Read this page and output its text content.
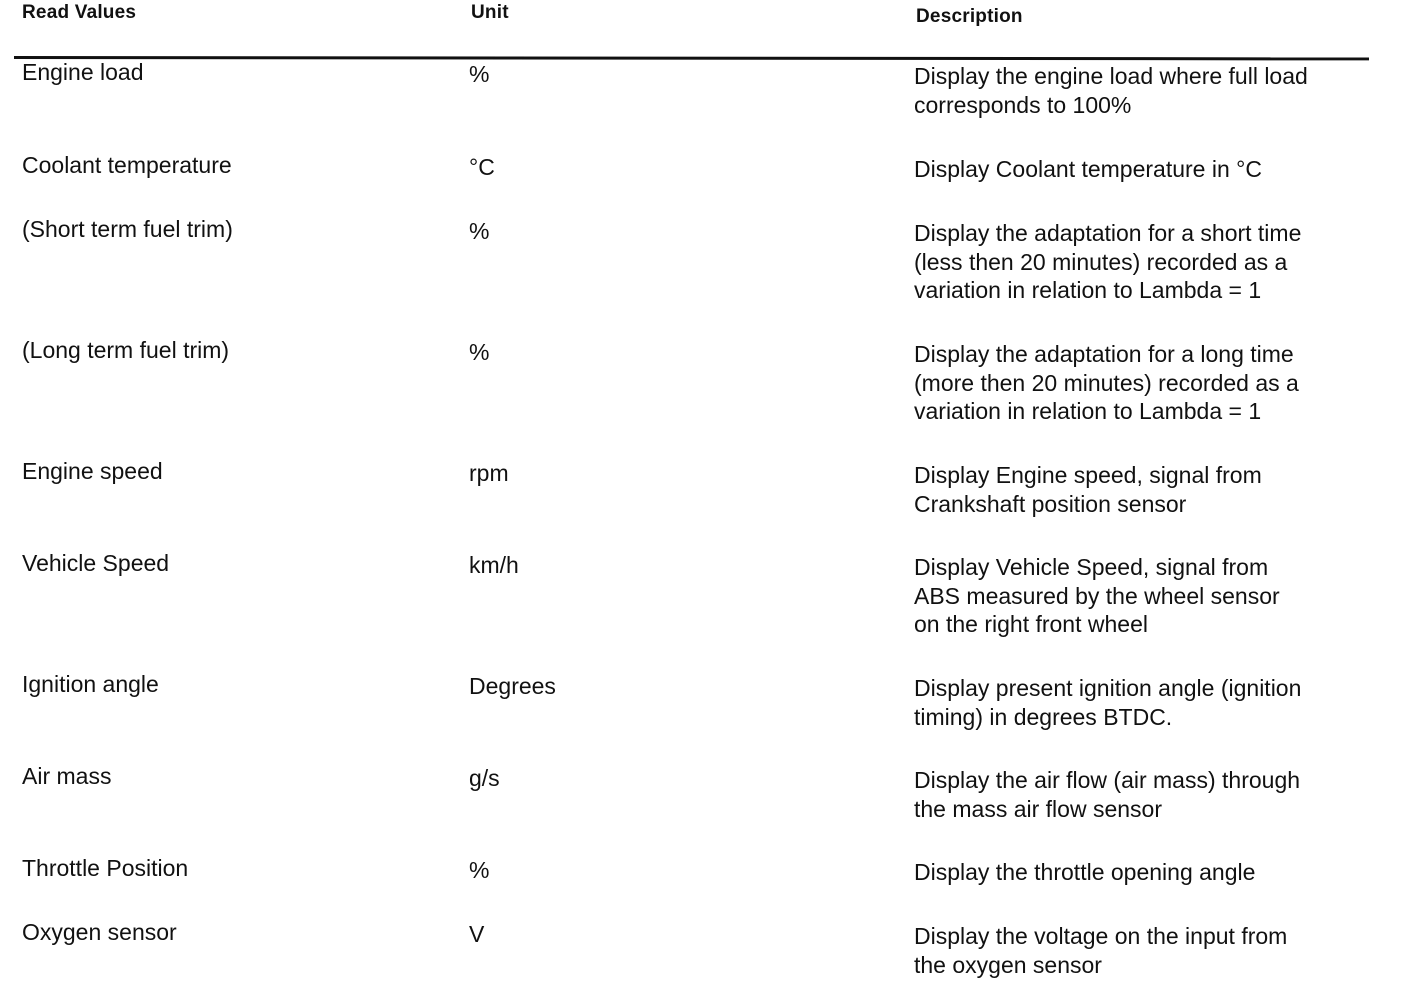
Read Values	Unit	Description
Engine load	%	Display the engine load where full load
corresponds to 100%
Coolant temperature	°C	Display Coolant temperature in °C
(Short term fuel trim)	%	Display the adaptation for a short time
(less then 20 minutes) recorded as a
variation in relation to Lambda = 1
(Long term fuel trim)	%	Display the adaptation for a long time
(more then 20 minutes) recorded as a
variation in relation to Lambda = 1
Engine speed	rpm	Display Engine speed, signal from
Crankshaft position sensor
Vehicle Speed	km/h	Display Vehicle Speed, signal from
ABS measured by the wheel sensor
on the right front wheel
Ignition angle	Degrees	Display present ignition angle (ignition
timing) in degrees BTDC.
Air mass	g/s	Display the air flow (air mass) through
the mass air flow sensor
Throttle Position	%	Display the throttle opening angle
Oxygen sensor	V	Display the voltage on the input from
the oxygen sensor
